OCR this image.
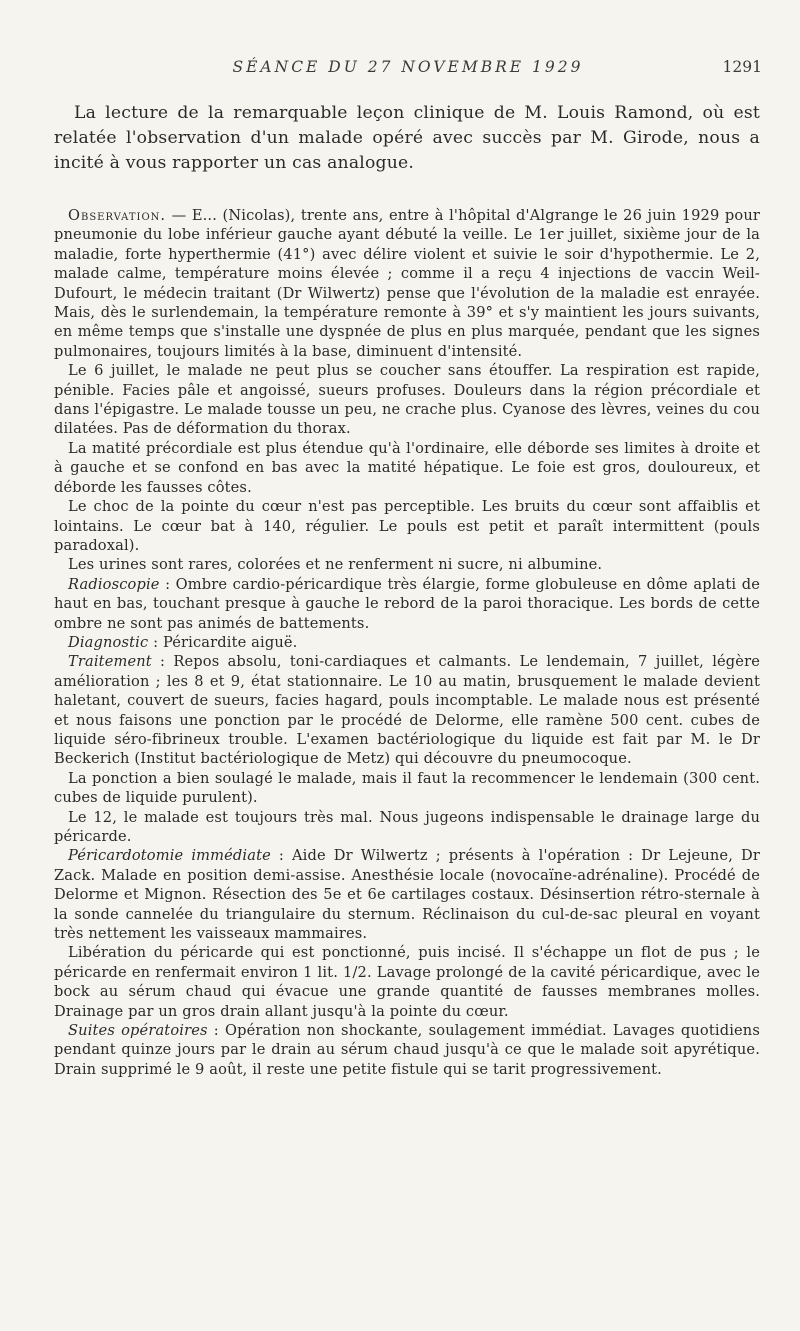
SÉANCE DU 27 NOVEMBRE 1929	1291

La lecture de la remarquable leçon clinique de M. Louis Ramond, où est relatée l'observation d'un malade opéré avec succès par M. Girode, nous a incité à vous rapporter un cas analogue.

Observation. — E... (Nicolas), trente ans, entre à l'hôpital d'Algrange le 26 juin 1929 pour pneumonie du lobe inférieur gauche ayant débuté la veille. Le 1er juillet, sixième jour de la maladie, forte hyperthermie (41°) avec délire violent et suivie le soir d'hypothermie. Le 2, malade calme, température moins élevée ; comme il a reçu 4 injections de vaccin Weil-Dufourt, le médecin traitant (Dr Wilwertz) pense que l'évolution de la maladie est enrayée. Mais, dès le surlendemain, la température remonte à 39° et s'y maintient les jours suivants, en même temps que s'installe une dyspnée de plus en plus marquée, pendant que les signes pulmonaires, toujours limités à la base, diminuent d'intensité.

Le 6 juillet, le malade ne peut plus se coucher sans étouffer. La respiration est rapide, pénible. Facies pâle et angoissé, sueurs profuses. Douleurs dans la région précordiale et dans l'épigastre. Le malade tousse un peu, ne crache plus. Cyanose des lèvres, veines du cou dilatées. Pas de déformation du thorax.

La matité précordiale est plus étendue qu'à l'ordinaire, elle déborde ses limites à droite et à gauche et se confond en bas avec la matité hépatique. Le foie est gros, douloureux, et déborde les fausses côtes.

Le choc de la pointe du cœur n'est pas perceptible. Les bruits du cœur sont affaiblis et lointains. Le cœur bat à 140, régulier. Le pouls est petit et paraît intermittent (pouls paradoxal).

Les urines sont rares, colorées et ne renferment ni sucre, ni albumine.

Radioscopie : Ombre cardio-péricardique très élargie, forme globuleuse en dôme aplati de haut en bas, touchant presque à gauche le rebord de la paroi thoracique. Les bords de cette ombre ne sont pas animés de battements.

Diagnostic : Péricardite aiguë.

Traitement : Repos absolu, toni-cardiaques et calmants. Le lendemain, 7 juillet, légère amélioration ; les 8 et 9, état stationnaire. Le 10 au matin, brusquement le malade devient haletant, couvert de sueurs, facies hagard, pouls incomptable. Le malade nous est présenté et nous faisons une ponction par le procédé de Delorme, elle ramène 500 cent. cubes de liquide séro-fibrineux trouble. L'examen bactériologique du liquide est fait par M. le Dr Beckerich (Institut bactériologique de Metz) qui découvre du pneumocoque.

La ponction a bien soulagé le malade, mais il faut la recommencer le lendemain (300 cent. cubes de liquide purulent).

Le 12, le malade est toujours très mal. Nous jugeons indispensable le drainage large du péricarde.

Péricardotomie immédiate : Aide Dr Wilwertz ; présents à l'opération : Dr Lejeune, Dr Zack. Malade en position demi-assise. Anesthésie locale (novocaïne-adrénaline). Procédé de Delorme et Mignon. Résection des 5e et 6e cartilages costaux. Désinsertion rétro-sternale à la sonde cannelée du triangulaire du sternum. Réclinaison du cul-de-sac pleural en voyant très nettement les vaisseaux mammaires.

Libération du péricarde qui est ponctionné, puis incisé. Il s'échappe un flot de pus ; le péricarde en renfermait environ 1 lit. 1/2. Lavage prolongé de la cavité péricardique, avec le bock au sérum chaud qui évacue une grande quantité de fausses membranes molles. Drainage par un gros drain allant jusqu'à la pointe du cœur.

Suites opératoires : Opération non shockante, soulagement immédiat. Lavages quotidiens pendant quinze jours par le drain au sérum chaud jusqu'à ce que le malade soit apyrétique. Drain supprimé le 9 août, il reste une petite fistule qui se tarit progressivement.
